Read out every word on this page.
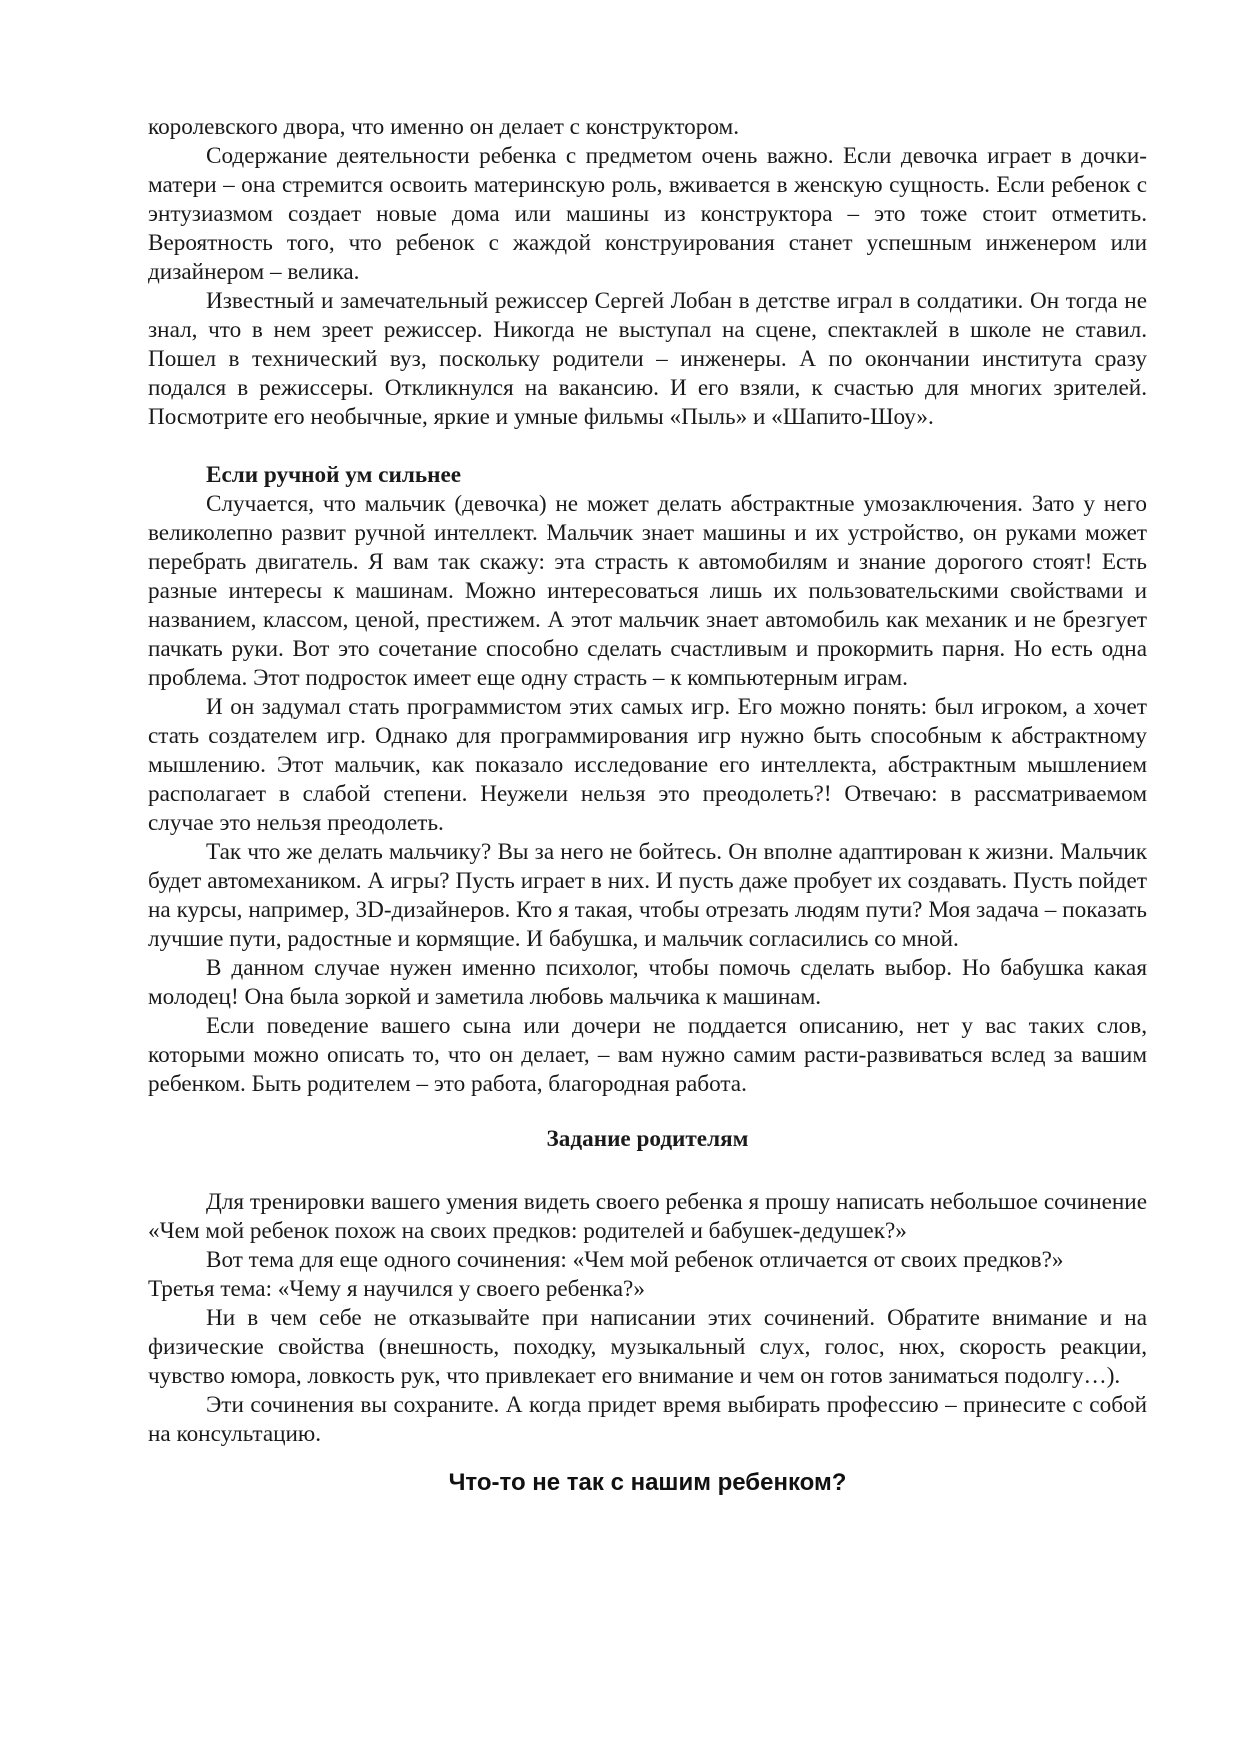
королевского двора, что именно он делает с конструктором.

Содержание деятельности ребенка с предметом очень важно. Если девочка играет в дочки-матери – она стремится освоить материнскую роль, вживается в женскую сущность. Если ребенок с энтузиазмом создает новые дома или машины из конструктора – это тоже стоит отметить. Вероятность того, что ребенок с жаждой конструирования станет успешным инженером или дизайнером – велика.

Известный и замечательный режиссер Сергей Лобан в детстве играл в солдатики. Он тогда не знал, что в нем зреет режиссер. Никогда не выступал на сцене, спектаклей в школе не ставил. Пошел в технический вуз, поскольку родители – инженеры. А по окончании института сразу подался в режиссеры. Откликнулся на вакансию. И его взяли, к счастью для многих зрителей. Посмотрите его необычные, яркие и умные фильмы «Пыль» и «Шапито-Шоу».

Если ручной ум сильнее

Случается, что мальчик (девочка) не может делать абстрактные умозаключения. Зато у него великолепно развит ручной интеллект. Мальчик знает машины и их устройство, он руками может перебрать двигатель. Я вам так скажу: эта страсть к автомобилям и знание дорогого стоят! Есть разные интересы к машинам. Можно интересоваться лишь их пользовательскими свойствами и названием, классом, ценой, престижем. А этот мальчик знает автомобиль как механик и не брезгует пачкать руки. Вот это сочетание способно сделать счастливым и прокормить парня. Но есть одна проблема. Этот подросток имеет еще одну страсть – к компьютерным играм.

И он задумал стать программистом этих самых игр. Его можно понять: был игроком, а хочет стать создателем игр. Однако для программирования игр нужно быть способным к абстрактному мышлению. Этот мальчик, как показало исследование его интеллекта, абстрактным мышлением располагает в слабой степени. Неужели нельзя это преодолеть?! Отвечаю: в рассматриваемом случае это нельзя преодолеть.

Так что же делать мальчику? Вы за него не бойтесь. Он вполне адаптирован к жизни. Мальчик будет автомехаником. А игры? Пусть играет в них. И пусть даже пробует их создавать. Пусть пойдет на курсы, например, 3D-дизайнеров. Кто я такая, чтобы отрезать людям пути? Моя задача – показать лучшие пути, радостные и кормящие. И бабушка, и мальчик согласились со мной.

В данном случае нужен именно психолог, чтобы помочь сделать выбор. Но бабушка какая молодец! Она была зоркой и заметила любовь мальчика к машинам.

Если поведение вашего сына или дочери не поддается описанию, нет у вас таких слов, которыми можно описать то, что он делает, – вам нужно самим расти-развиваться вслед за вашим ребенком. Быть родителем – это работа, благородная работа.

Задание родителям

Для тренировки вашего умения видеть своего ребенка я прошу написать небольшое сочинение «Чем мой ребенок похож на своих предков: родителей и бабушек-дедушек?»

Вот тема для еще одного сочинения: «Чем мой ребенок отличается от своих предков?»

Третья тема: «Чему я научился у своего ребенка?»

Ни в чем себе не отказывайте при написании этих сочинений. Обратите внимание и на физические свойства (внешность, походку, музыкальный слух, голос, нюх, скорость реакции, чувство юмора, ловкость рук, что привлекает его внимание и чем он готов заниматься подолгу…).

Эти сочинения вы сохраните. А когда придет время выбирать профессию – принесите с собой на консультацию.

Что-то не так с нашим ребенком?
